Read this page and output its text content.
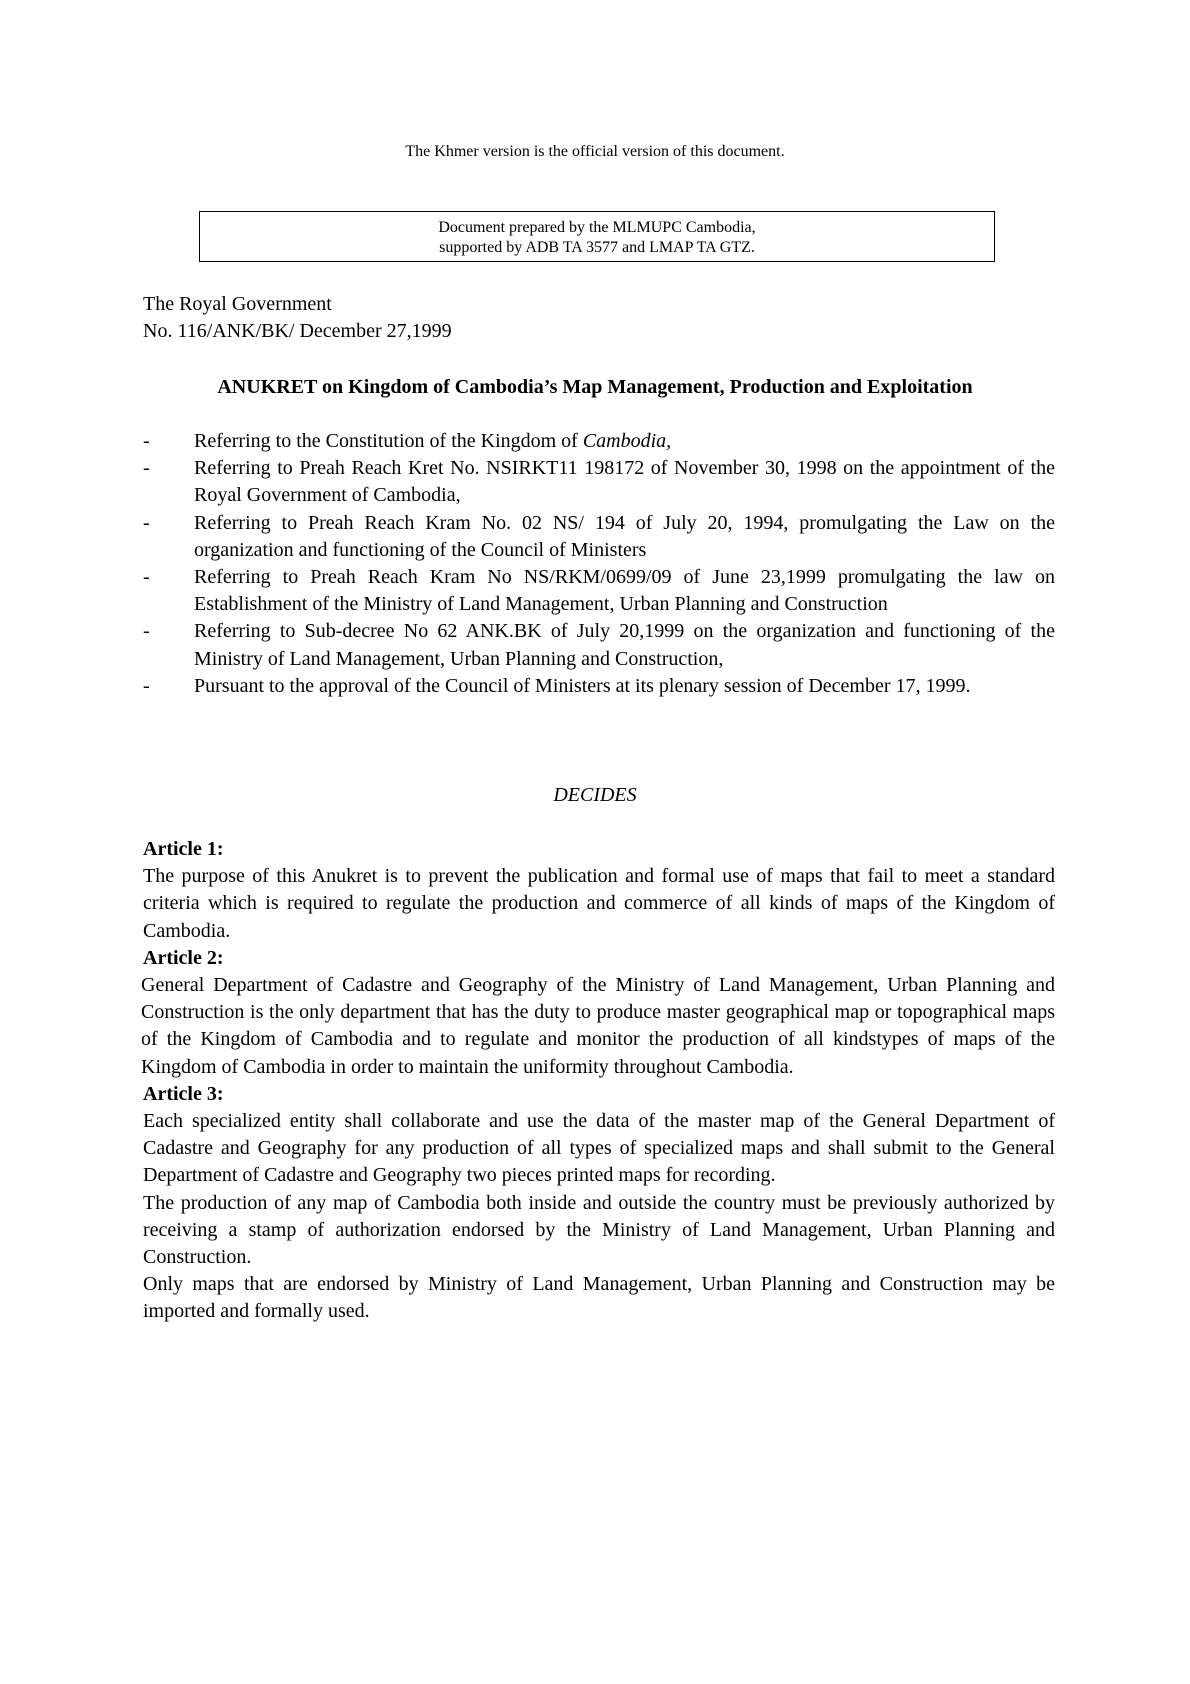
The Khmer version is the official version of this document.
Document prepared by the MLMUPC Cambodia,
supported by ADB TA 3577 and LMAP TA GTZ.
The Royal Government
No. 116/ANK/BK/ December 27,1999
ANUKRET on Kingdom of Cambodia’s Map Management, Production and Exploitation
- Referring to the Constitution of the Kingdom of Cambodia,
- Referring to Preah Reach Kret No. NSIRKT11 198172 of November 30, 1998 on the appointment of the Royal Government of Cambodia,
- Referring to Preah Reach Kram No. 02 NS/ 194 of July 20, 1994, promulgating the Law on the organization and functioning of the Council of Ministers
- Referring to Preah Reach Kram No NS/RKM/0699/09 of June 23,1999 promulgating the law on Establishment of the Ministry of Land Management, Urban Planning and Construction
- Referring to Sub-decree No 62 ANK.BK of July 20,1999 on the organization and functioning of the Ministry of Land Management, Urban Planning and Construction,
- Pursuant to the approval of the Council of Ministers at its plenary session of December 17, 1999.
DECIDES
Article 1:
The purpose of this Anukret is to prevent the publication and formal use of maps that fail to meet a standard criteria which is required to regulate the production and commerce of all kinds of maps of the Kingdom of Cambodia.
Article 2:
General Department of Cadastre and Geography of the Ministry of Land Management, Urban Planning and Construction is the only department that has the duty to produce master geographical map or topographical maps of the Kingdom of Cambodia and to regulate and monitor the production of all kindstypes of maps of the Kingdom of Cambodia in order to maintain the uniformity throughout Cambodia.
Article 3:
Each specialized entity shall collaborate and use the data of the master map of the General Department of Cadastre and Geography for any production of all types of specialized maps and shall submit to the General Department of Cadastre and Geography two pieces printed maps for recording.
The production of any map of Cambodia both inside and outside the country must be previously authorized by receiving a stamp of authorization endorsed by the Ministry of Land Management, Urban Planning and Construction.
Only maps that are endorsed by Ministry of Land Management, Urban Planning and Construction may be imported and formally used.
